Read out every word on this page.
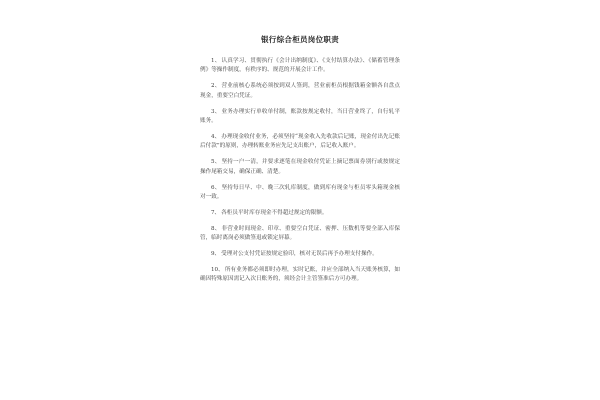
银行综合柜员岗位职责
1、认真学习、贯彻执行《会计出纳制度》、《支付结算办法》、《储蓄管理条例》等操作制度，有秩序的、规范的开展会计工作。
2、营业前核心系统必须按到双人签到，营业前柜员根据钱箱金额各自盘点现金，重要空白凭证。
3、业务办理实行单收单付制，账款按规定收付，当日营业终了，自行轧平账务。
4、办理现金收付业务，必须坚持“现金收入先收款后记账，现金付出先记账后付款”的原则，办理转账业务应先记支出账户，后记收入账户。
5、坚持一户一清，并要求逐笔在现金收付凭证上摘记票面券别行或按规定操作尾箱交易，确保正确、清楚。
6、坚持每日早、中、晚三次轧库制度，做到库有现金与柜员零头箱现金核对一致。
7、各柜员平时库存现金不得超过规定的限额。
8、非营业时间现金、印章、重要空白凭证、密押、压数机等要全部入库保管，临时离岗必须做签退或锁定屏幕。
9、受理对公支付凭证按规定验印，核对无误后再予办理支付操作。
10、所有业务都必须即时办理，实时记账，并应全部纳入当天账务核算，如确因特殊原因需记入次日账务的，须经会计主管签准后方可办理。
